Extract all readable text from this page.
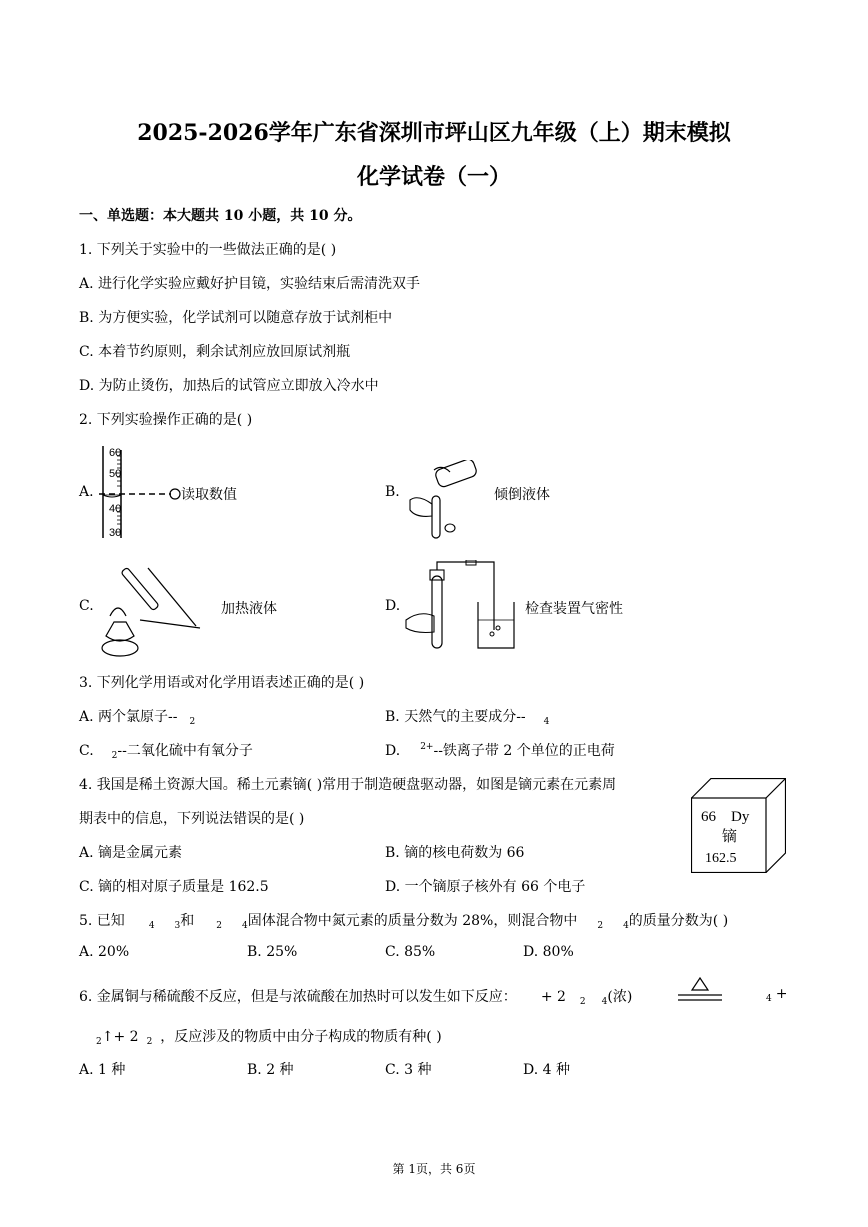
2025-2026学年广东省深圳市坪山区九年级（上）期末模拟
化学试卷（一）
一、单选题：本大题共 10 小题，共 10 分。
1. 下列关于实验中的一些做法正确的是( )
A. 进行化学实验应戴好护目镜，实验结束后需清洗双手
B. 为方便实验，化学试剂可以随意存放于试剂柜中
C. 本着节约原则，剩余试剂应放回原试剂瓶
D. 为防止烫伤，加热后的试管应立即放入冷水中
2. 下列实验操作正确的是( )
A.
60
50
40
30
读取数值	B.	倾倒液体
C.	加热液体	D.	检查装置气密性
3. 下列化学用语或对化学用语表述正确的是( )
A. 两个氯原子-- $_2$	B. 天然气的主要成分-- $_4$
C. $_2$--二氧化硫中有氧分子	D. $^{2+}$--铁离子带 2 个单位的正电荷
4. 我国是稀土资源大国。稀土元素镝( )常用于制造硬盘驱动器，如图是镝元素在元素周
期表中的信息，下列说法错误的是( )
A. 镝是金属元素	B. 镝的核电荷数为 66
C. 镝的相对原子质量是 162.5	D. 一个镝原子核外有 66 个电子
66 Dy
镝
162.5
5. 已知	$_4$ $_3$和 $_2$ $_4$固体混合物中氮元素的质量分数为 28%，则混合物中 $_2$ $_4$的质量分数为( )
A. 20%	B. 25%	C. 85%	D. 80%
6. 金属铜与稀硫酸不反应，但是与浓硫酸在加热时可以发生如下反应： + 2 $_2$ $_4$(浓)	$_4$ +
$_2$↑+ 2 $_2$ ，反应涉及的物质中由分子构成的物质有种( )
A. 1 种	B. 2 种	C. 3 种	D. 4 种
第 1页，共 6页
